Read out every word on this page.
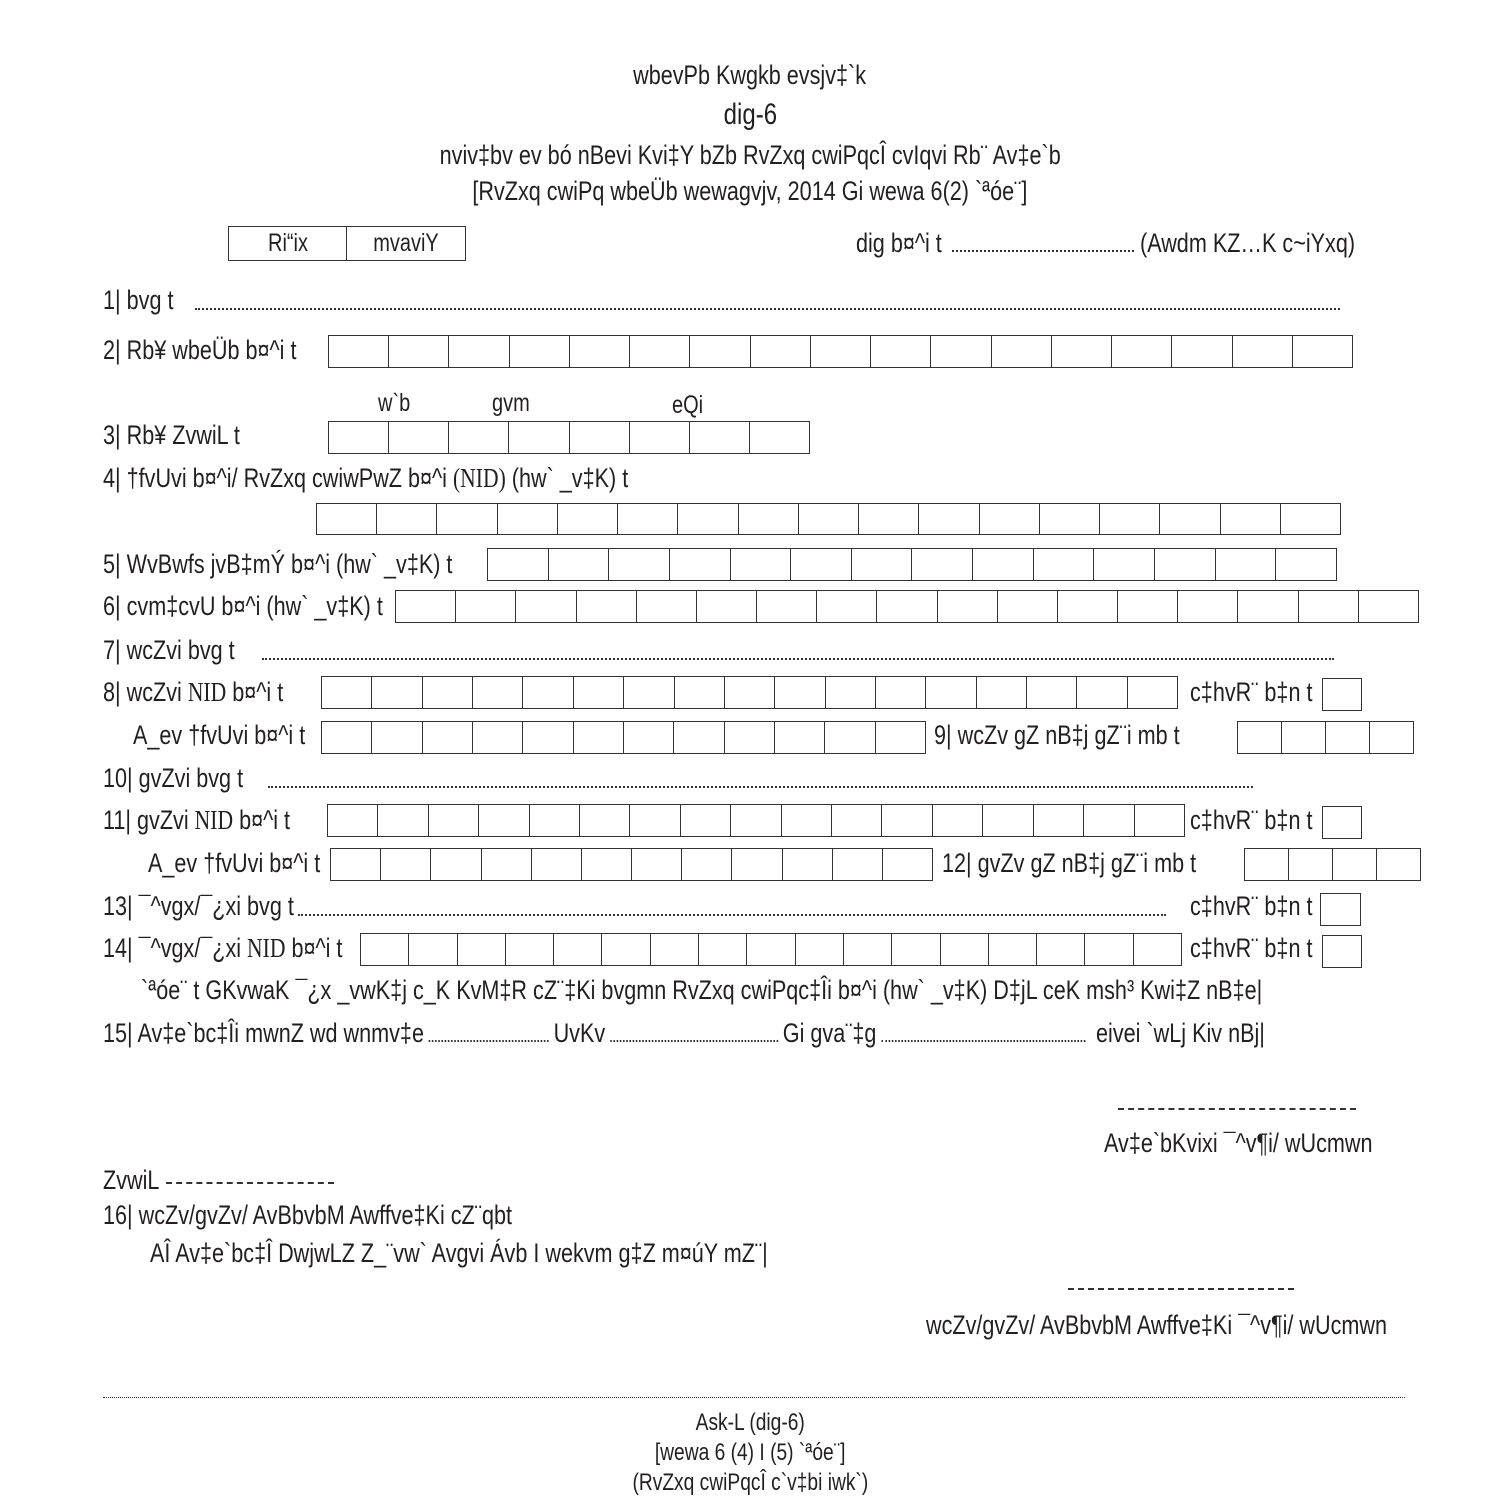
wbevPb Kwgkb evsjv‡`k
dig-6
nviv‡bv ev bó nBevi Kvi‡Y bZb RvZxq cwiPqcÎ cvIqvi Rb¨ Av‡e`b
[RvZxq cwiPq wbeÜb wewagvjv, 2014 Gi wewa 6(2) `ªóe¨]
Ri“ix	mvaviY	dig b¤^i t	(Awdm KZ…K c~iYxq)
1| bvg t
2| Rb¥ wbeÜb b¤^i t
w`b	gvm	eQi
3| Rb¥ ZvwiL t
4| †fvUvi b¤^i/ RvZxq cwiwPwZ b¤^i (NID) (hw` _v‡K) t
5| WvBwfs jvB‡mÝ b¤^i (hw` _v‡K) t
6| cvm‡cvU b¤^i (hw` _v‡K) t
7| wcZvi bvg t
8| wcZvi NID b¤^i t	c‡hvR¨ b‡n t
A_ev †fvUvi b¤^i t	9| wcZv gZ nB‡j gZ¨i mb t
10| gvZvi bvg t
11| gvZvi NID b¤^i t	c‡hvR¨ b‡n t
A_ev †fvUvi b¤^i t	12| gvZv gZ nB‡j gZ¨i mb t
13| ¯^vgx/¯¿xi bvg t	c‡hvR¨ b‡n t
14| ¯^vgx/¯¿xi NID b¤^i t	c‡hvR¨ b‡n t
`ªóe¨ t GKvwaK ¯¿x _vwK‡j c_K KvM‡R cZ¨‡Ki bvgmn RvZxq cwiPqc‡Îi b¤^i (hw` _v‡K) D‡jL ceK msh³ Kwi‡Z nB‡e|
15| Av‡e`bc‡Îi mwnZ wd wnmv‡e	UvKv	Gi gva¨‡g	eivei `wLj Kiv nBj|
Av‡e`bKvixi ¯^v¶i/ wUcmwn
ZvwiL
16| wcZv/gvZv/ AvBbvbM Awffve‡Ki cZ¨qbt
AÎ Av‡e`bc‡Î DwjwLZ Z_¨vw` Avgvi Ávb I wekvm g‡Z m¤úY mZ¨|
wcZv/gvZv/ AvBbvbM Awffve‡Ki ¯^v¶i/ wUcmwn
Ask-L (dig-6)
[wewa 6 (4) I (5) `ªóe¨]
(RvZxq cwiPqcÎ c`v‡bi iwk`)
